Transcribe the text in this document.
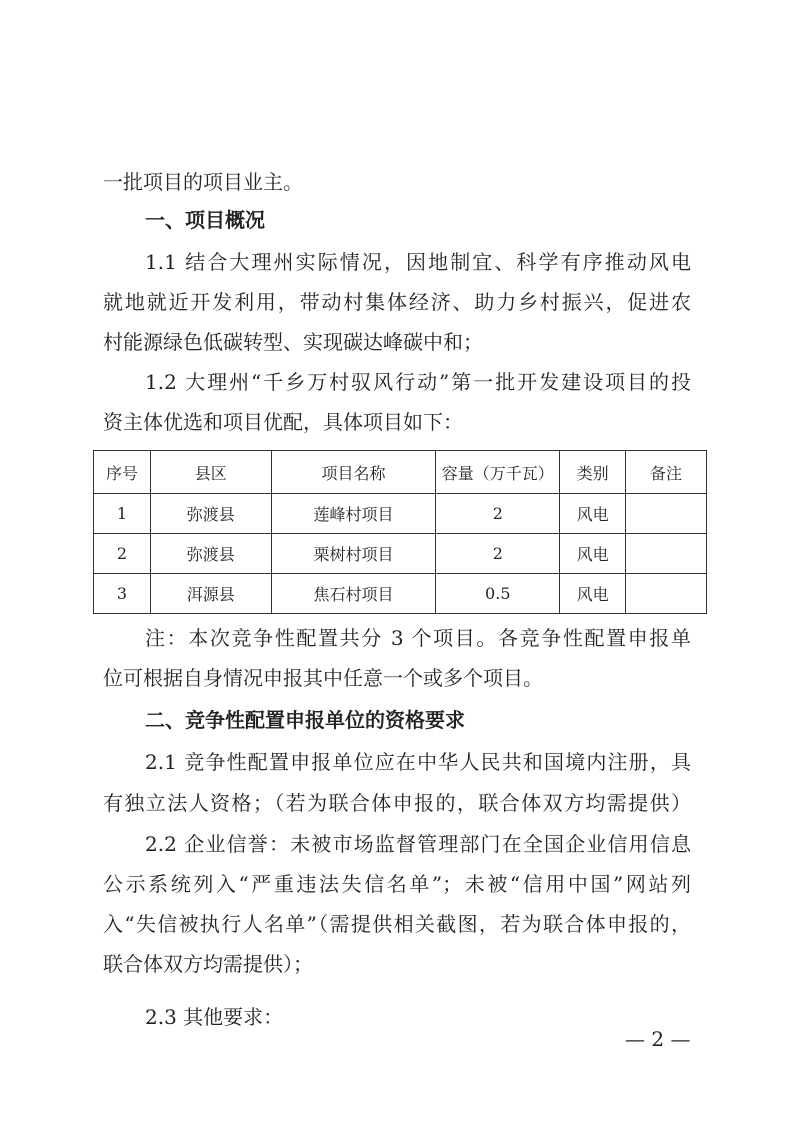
一批项目的项目业主。
一、项目概况
1.1 结合大理州实际情况，因地制宜、科学有序推动风电
就地就近开发利用，带动村集体经济、助力乡村振兴，促进农
村能源绿色低碳转型、实现碳达峰碳中和；
1.2 大理州“千乡万村驭风行动”第一批开发建设项目的投
资主体优选和项目优配，具体项目如下：
序号	县区	项目名称	容量（万千瓦）	类别	备注
1	弥渡县	莲峰村项目	2	风电	
2	弥渡县	栗树村项目	2	风电	
3	洱源县	焦石村项目	0.5	风电	
注：本次竞争性配置共分 3 个项目。各竞争性配置申报单
位可根据自身情况申报其中任意一个或多个项目。
二、竞争性配置申报单位的资格要求
2.1 竞争性配置申报单位应在中华人民共和国境内注册，具
有独立法人资格；（若为联合体申报的，联合体双方均需提供）
2.2 企业信誉：未被市场监督管理部门在全国企业信用信息
公示系统列入“严重违法失信名单”；未被“信用中国”网站列
入“失信被执行人名单”（需提供相关截图，若为联合体申报的，
联合体双方均需提供）；
2.3 其他要求：
— 2 —
